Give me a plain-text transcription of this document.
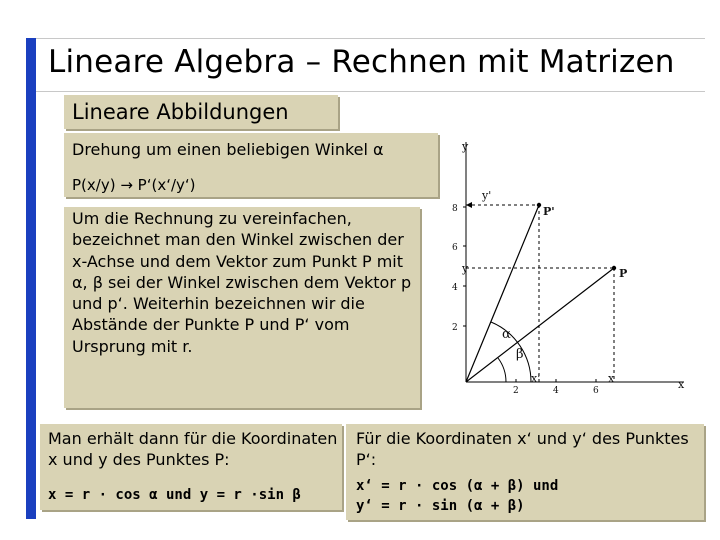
Lineare Algebra – Rechnen mit Matrizen
Lineare Abbildungen
Drehung um einen beliebigen Winkel α
P(x/y) → P‘(x‘/y‘)
Um die Rechnung zu vereinfachen, bezeichnet man den Winkel zwischen der x-Achse und dem Vektor zum Punkt P mit α, β sei der Winkel zwischen dem Vektor p und p‘. Weiterhin bezeichnen wir die Abstände der Punkte P und P‘ vom Ursprung mit r.
Man erhält dann für die Koordinaten x und y des Punktes P:
x = r · cos α und y = r ·sin β
Für die Koordinaten x‘ und y‘ des Punktes P‘:
x‘ = r · cos (α + β) und
y‘ = r · sin (α + β)
x
y
8
6
4
2
2	4	6
P
P'
y
y'
x
x'
α
β
